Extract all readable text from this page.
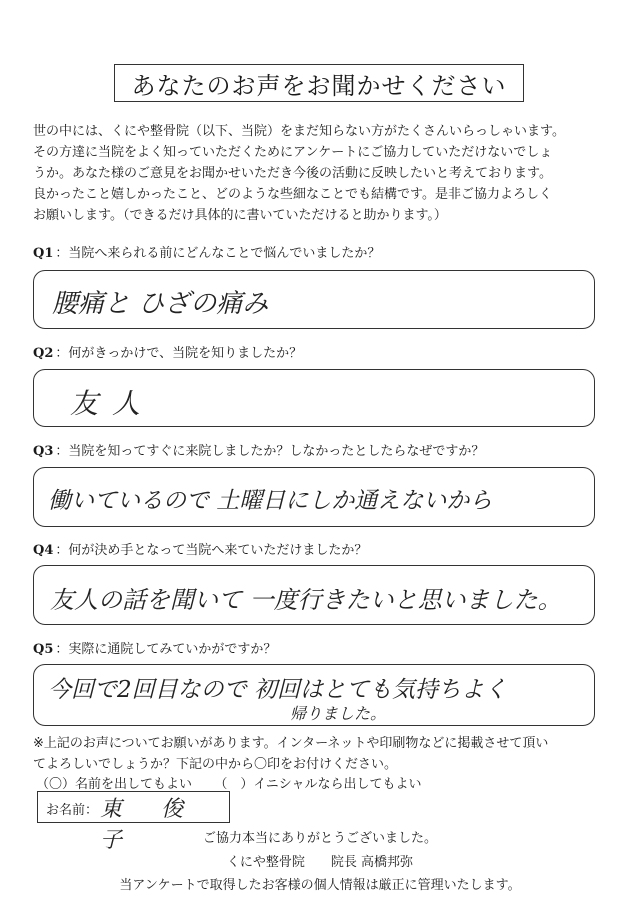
あなたのお声をお聞かせください
世の中には、くにや整骨院（以下、当院）をまだ知らない方がたくさんいらっしゃいます。
その方達に当院をよく知っていただくためにアンケートにご協力していただけないでしょ
うか。あなた様のご意見をお聞かせいただき今後の活動に反映したいと考えております。
良かったこと嬉しかったこと、どのような些細なことでも結構です。是非ご協力よろしく
お願いします。（できるだけ具体的に書いていただけると助かります。）
Q1 ：当院へ来られる前にどんなことで悩んでいましたか？
腰痛と ひざの痛み
Q2 ：何がきっかけで、当院を知りましたか？
友人
Q3 ：当院を知ってすぐに来院しましたか？しなかったとしたらなぜですか？
働いているので 土曜日にしか通えないから
Q4 ：何が決め手となって当院へ来ていただけましたか？
友人の話を聞いて 一度行きたいと思いました。
Q5 ：実際に通院してみていかがですか？
今回で2回目なので 初回はとても気持ちよく
帰りました。
※上記のお声についてお願いがあります。インターネットや印刷物などに掲載させて頂い
てよろしいでしょうか？下記の中から〇印をお付けください。
（〇）名前を出してもよい （　）イニシャルなら出してもよい
お名前： 東 俊子	ご協力本当にありがとうございました。
くにや整骨院　　院長 高橋邦弥
当アンケートで取得したお客様の個人情報は厳正に管理いたします。
